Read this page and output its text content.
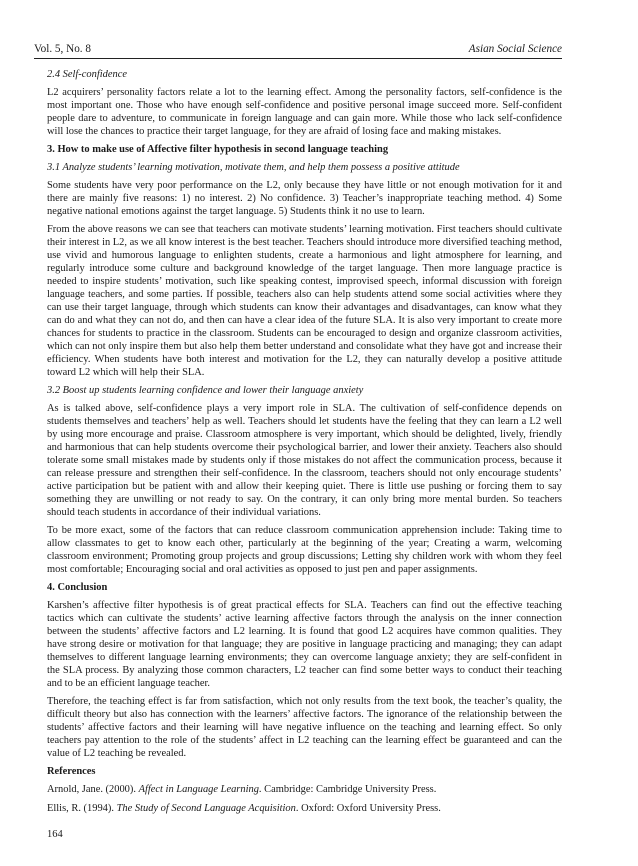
Vol. 5, No. 8	Asian Social Science
2.4 Self-confidence

L2 acquirers’ personality factors relate a lot to the learning effect. Among the personality factors, self-confidence is the most important one. Those who have enough self-confidence and positive personal image succeed more. Self-confident people dare to adventure, to communicate in foreign language and can gain more. While those who lack self-confidence will lose the chances to practice their target language, for they are afraid of losing face and making mistakes.

3. How to make use of Affective filter hypothesis in second language teaching
3.1 Analyze students’ learning motivation, motivate them, and help them possess a positive attitude

Some students have very poor performance on the L2, only because they have little or not enough motivation for it and there are mainly five reasons: 1) no interest. 2) No confidence. 3) Teacher’s inappropriate teaching method. 4) Some negative national emotions against the target language. 5) Students think it no use to learn.

From the above reasons we can see that teachers can motivate students’ learning motivation. First teachers should cultivate their interest in L2, as we all know interest is the best teacher. Teachers should introduce more diversified teaching method, use vivid and humorous language to enlighten students, create a harmonious and light atmosphere for learning, and regularly introduce some culture and background knowledge of the target language. Then more language practice is needed to inspire students’ motivation, such like speaking contest, improvised speech, informal discussion with foreign language teachers, and some parties. If possible, teachers also can help students attend some social activities where they can use their target language, through which students can know their advantages and disadvantages, can know what they can do and what they can not do, and then can have a clear idea of the future SLA. It is also very important to create more chances for students to practice in the classroom. Students can be encouraged to design and organize classroom activities, which can not only inspire them but also help them better understand and consolidate what they have got and increase their efficiency. When students have both interest and motivation for the L2, they can naturally develop a positive attitude toward L2 which will help their SLA.

3.2 Boost up students learning confidence and lower their language anxiety

As is talked above, self-confidence plays a very import role in SLA. The cultivation of self-confidence depends on students themselves and teachers’ help as well. Teachers should let students have the feeling that they can learn a L2 well by using more encourage and praise. Classroom atmosphere is very important, which should be delighted, lively, friendly and harmonious that can help students overcome their psychological barrier, and lower their anxiety. Teachers also should tolerate some small mistakes made by students only if those mistakes do not affect the communication process, because it can release pressure and strengthen their self-confidence. In the classroom, teachers should not only encourage students’ active participation but be patient with and allow their keeping quiet. There is little use pushing or forcing them to say something they are unwilling or not ready to say. On the contrary, it can only bring more mental burden. So teachers should teach students in accordance of their individual variations.

To be more exact, some of the factors that can reduce classroom communication apprehension include: Taking time to allow classmates to get to know each other, particularly at the beginning of the year; Creating a warm, welcoming classroom environment; Promoting group projects and group discussions; Letting shy children work with whom they feel most comfortable; Encouraging social and oral activities as opposed to just pen and paper assignments.

4. Conclusion

Karshen’s affective filter hypothesis is of great practical effects for SLA. Teachers can find out the effective teaching tactics which can cultivate the students’ active learning affective factors through the analysis on the inner connection between the students’ affective factors and L2 learning. It is found that good L2 acquires have common qualities. They have strong desire or motivation for that language; they are positive in language practicing and managing; they can adapt themselves to different language learning environments; they can overcome language anxiety; they are self-confident in the SLA process. By analyzing those common characters, L2 teacher can find some better ways to conduct their teaching and to be an efficient language teacher.

Therefore, the teaching effect is far from satisfaction, which not only results from the text book, the teacher’s quality, the difficult theory but also has connection with the learners’ affective factors. The ignorance of the relationship between the students’ affective factors and their learning will have negative influence on the teaching and learning effect. So only teachers pay attention to the role of the students’ affect in L2 teaching can the learning effect be guaranteed and can the value of L2 teaching be revealed.

References

Arnold, Jane. (2000). Affect in Language Learning. Cambridge: Cambridge University Press.

Ellis, R. (1994). The Study of Second Language Acquisition. Oxford: Oxford University Press.

164
